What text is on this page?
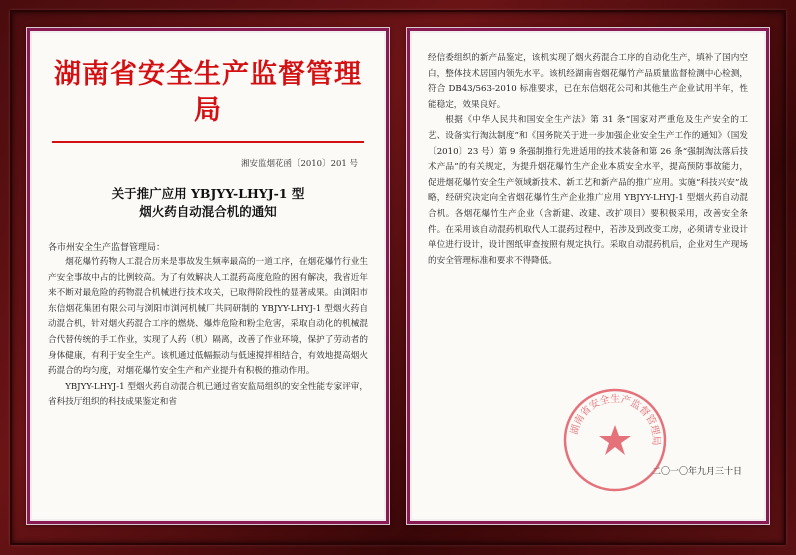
湖南省安全生产监督管理局
湘安监烟花函〔2010〕201 号
关于推广应用 YBJYY-LHYJ-1 型
烟火药自动混合机的通知
各市州安全生产监督管理局：

烟花爆竹药物人工混合历来是事故发生频率最高的一道工序，在烟花爆竹行业生产安全事故中占的比例较高。为了有效解决人工混药高度危险的困有解决，我省近年来不断对最危险的药物混合机械进行技术攻关，已取得阶段性的显著成果。由浏阳市东信烟花集团有限公司与浏阳市浏河机械厂共同研制的 YBJYY-LHYJ-1 型烟火药自动混合机，针对烟火药混合工序的燃烧、爆炸危险和粉尘危害，采取自动化的机械混合代替传统的手工作业，实现了人药（机）隔离，改善了作业环境，保护了劳动者的身体健康，有利于安全生产。该机通过低幅振动与低速搅拌相结合，有效地提高烟火药混合的均匀度，对烟花爆竹安全生产和产业提升有积极的推动作用。

YBJYY-LHYJ-1 型烟火药自动混合机已通过省安监局组织的安全性能专家评审，省科技厅组织的科技成果鉴定和省

经信委组织的新产品鉴定，该机实现了烟火药混合工序的自动化生产，填补了国内空白，整体技术居国内领先水平。该机经湖南省烟花爆竹产品质量监督检测中心检测，符合 DB43/563-2010 标准要求，已在东信烟花公司和其他生产企业试用半年，性能稳定，效果良好。

根据《中华人民共和国安全生产法》第 31 条“国家对严重危及生产安全的工艺、设备实行淘汰制度”和《国务院关于进一步加强企业安全生产工作的通知》（国发〔2010〕23 号）第 9 条强制推行先进适用的技术装备和第 26 条“强制淘汰落后技术产品”的有关规定，为提升烟花爆竹生产企业本质安全水平，提高预防事故能力，促进烟花爆竹安全生产领域新技术、新工艺和新产品的推广应用。实施“科技兴安”战略，经研究决定向全省烟花爆竹生产企业推广应用 YBJYY-LHYJ-1 型烟火药自动混合机。各烟花爆竹生产企业（含新建、改建、改扩项目）要积极采用，改善安全条件。在采用该自动混药机取代人工混药过程中，若涉及到改变工房，必须请专业设计单位进行设计，设计图纸审查按照有规定执行。采取自动混药机后，企业对生产现场的安全管理标准和要求不得降低。

湖南省安全生产监督管理局
二〇一〇年九月三十日
